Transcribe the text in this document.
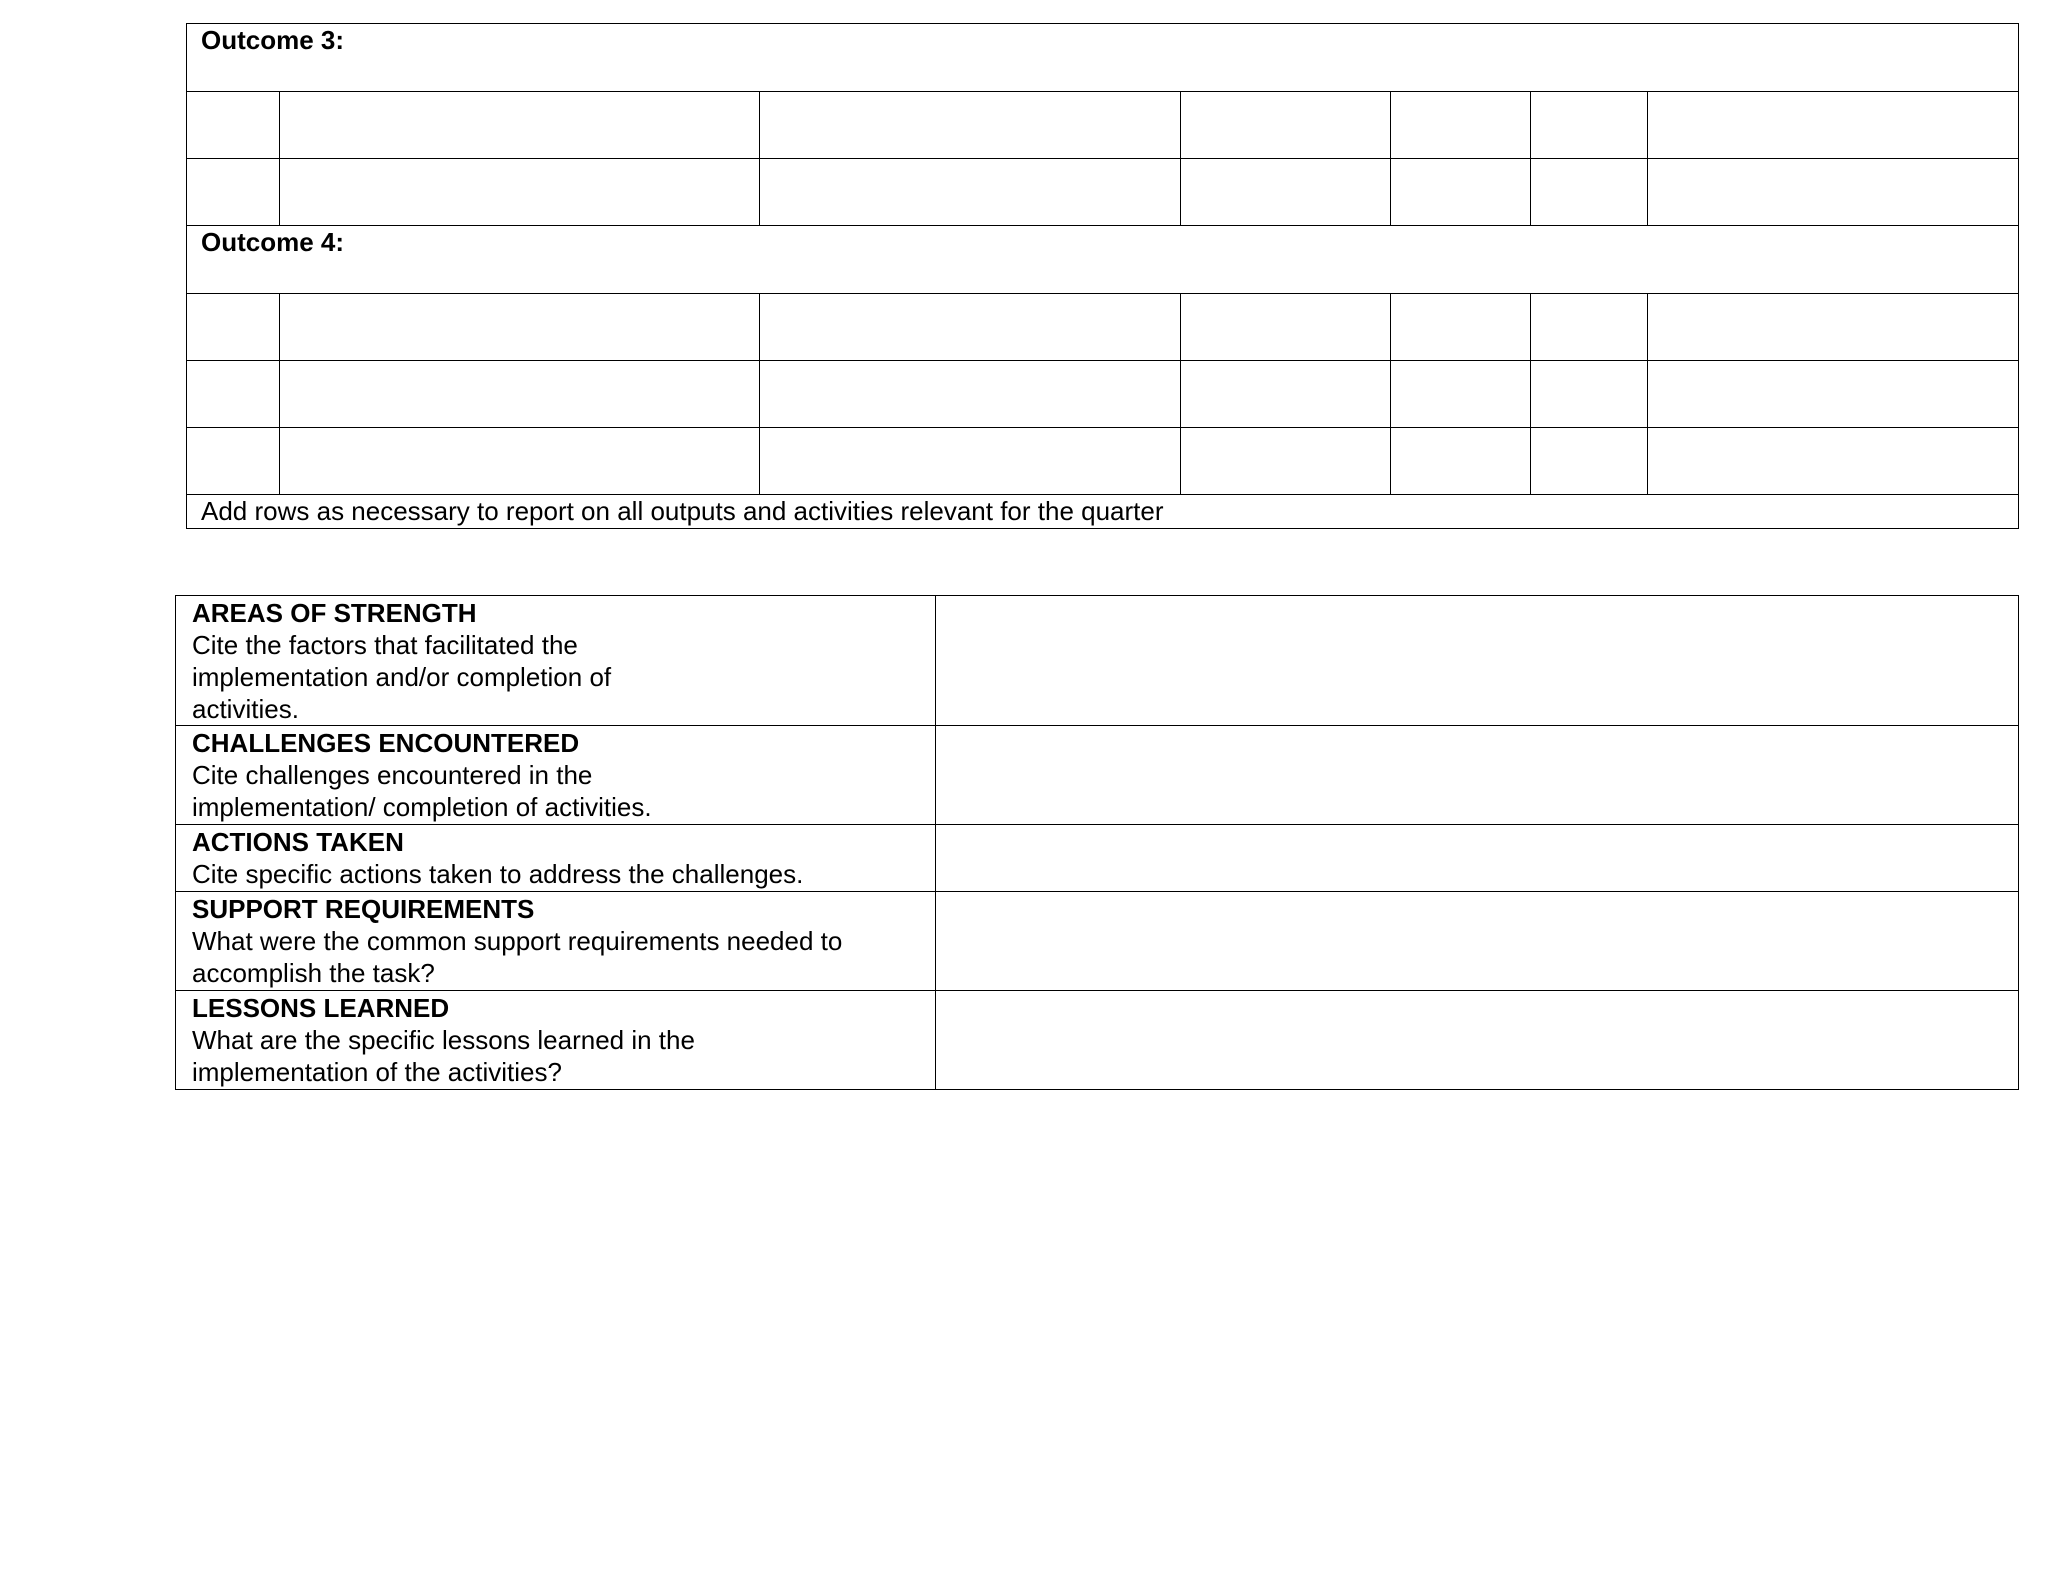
Outcome 3:						

Outcome 4:						

Add rows as necessary to report on all outputs and activities relevant for the quarter						
AREAS OF STRENGTH
Cite the factors that facilitated the implementation and/or completion of activities.	

CHALLENGES ENCOUNTERED
Cite challenges encountered in the implementation/ completion of activities.	

ACTIONS TAKEN
Cite specific actions taken to address the challenges.	

SUPPORT REQUIREMENTS
What were the common support requirements needed to accomplish the task?	

LESSONS LEARNED
What are the specific lessons learned in the implementation of the activities?	
